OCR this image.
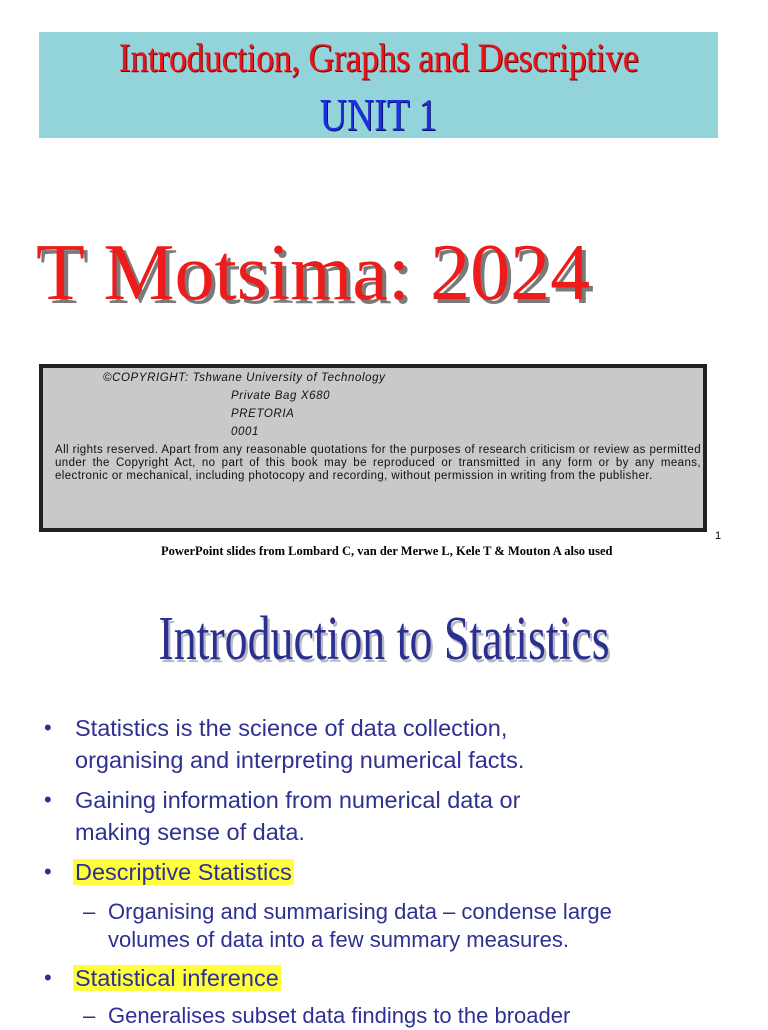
Introduction, Graphs and Descriptive
UNIT 1
T Motsima: 2024
©COPYRIGHT: Tshwane University of Technology
Private Bag X680
PRETORIA
0001
All rights reserved. Apart from any reasonable quotations for the purposes of research criticism or review as permitted under the Copyright Act, no part of this book may be reproduced or transmitted in any form or by any means, electronic or mechanical, including photocopy and recording, without permission in writing from the publisher.
1
PowerPoint slides from Lombard C, van der Merwe L, Kele T & Mouton A also used
Introduction to Statistics
• Statistics is the science of data collection,
organising and interpreting numerical facts.
• Gaining information from numerical data or
making sense of data.
• Descriptive Statistics
– Organising and summarising data – condense large
volumes of data into a few summary measures.
• Statistical inference
– Generalises subset data findings to the broader
